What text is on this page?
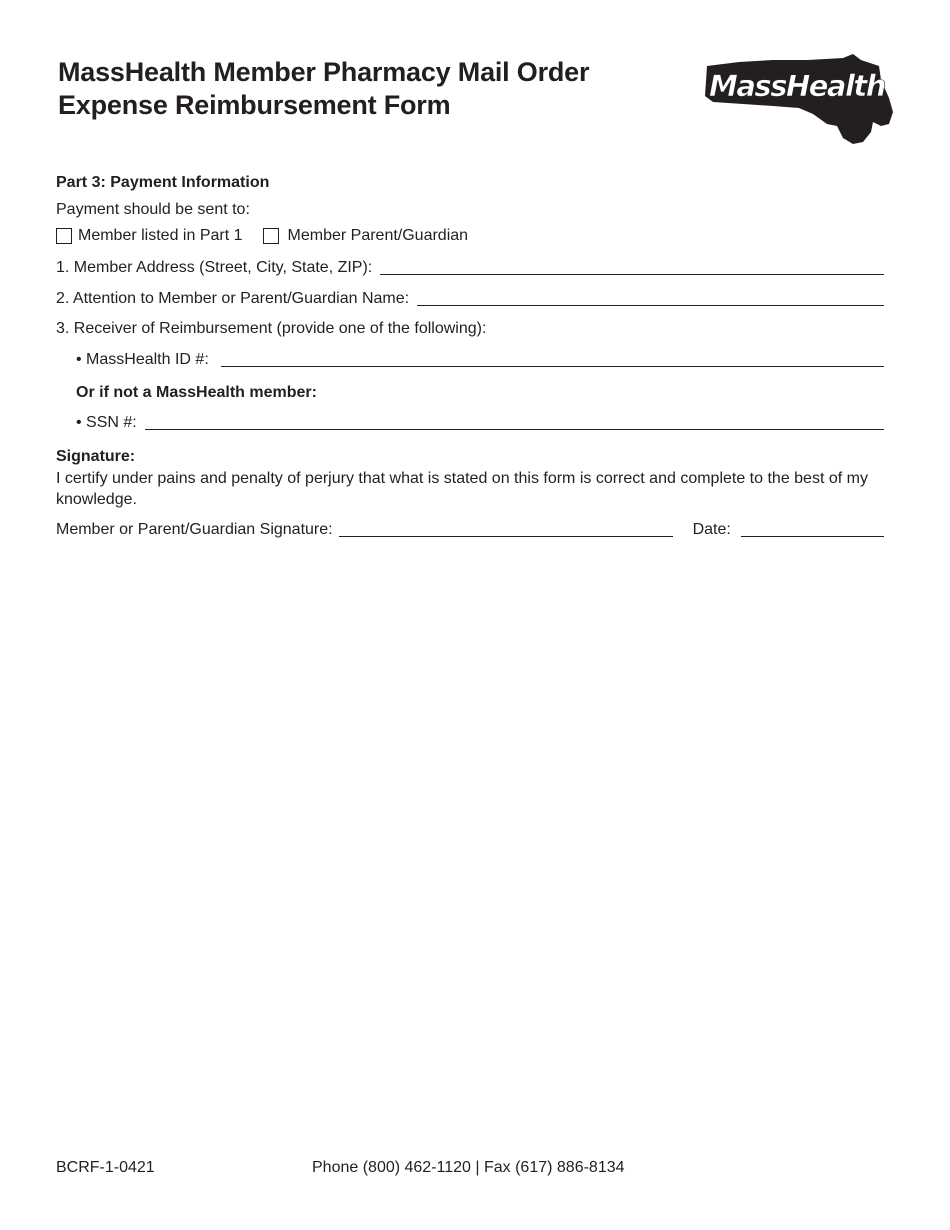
MassHealth Member Pharmacy Mail Order
Expense Reimbursement Form
MassHealth
Part 3: Payment Information
Payment should be sent to:
Member listed in Part 1	Member Parent/Guardian
1. Member Address (Street, City, State, ZIP):
2. Attention to Member or Parent/Guardian Name:
3. Receiver of Reimbursement (provide one of the following):
• MassHealth ID #:
Or if not a MassHealth member:
• SSN #:
Signature:
I certify under pains and penalty of perjury that what is stated on this form is correct and complete to the best of my knowledge.
Member or Parent/Guardian Signature:	Date:
BCRF-1-0421	Phone (800) 462-1120 | Fax (617) 886-8134
